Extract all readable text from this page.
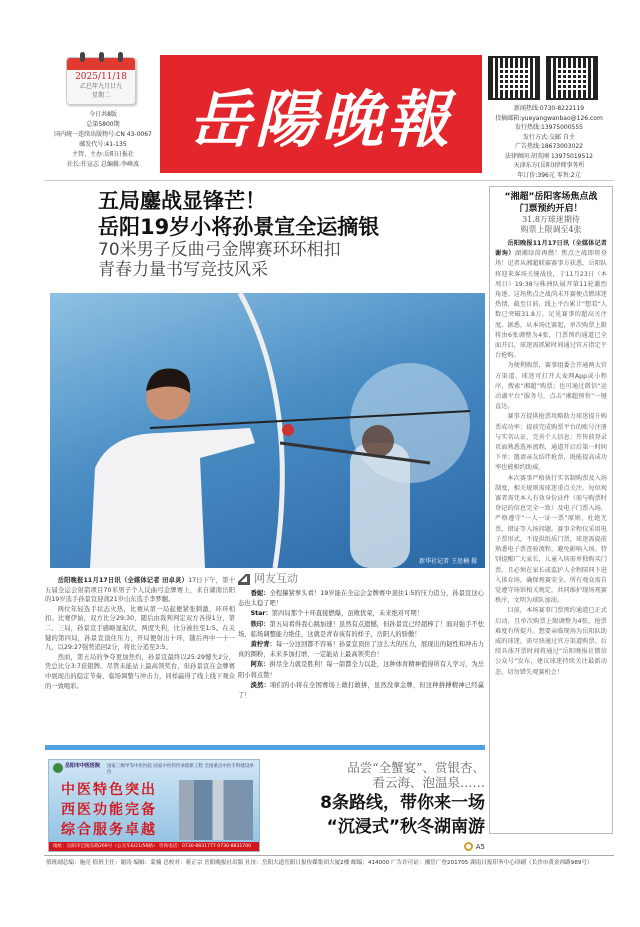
2025/11/18
乙巳年九月廿九
星期二
今日共8版
总第5800期
国内统一连续出版物号:CN 43-0067
邮发代号:41-135
主管、主办:岳阳日报社
社长:任宣志 总编辑:李峰波
岳陽晚報	新闻热线:0730-8222119
投稿邮箱:yueyangwanbao@126.com
发行热线:13975000555
发行方式:交邮 自主
广告热线:18673003022
法律顾问:胡英刚 13975019512
天津东方(岳阳)律师事务所
年订价:396元 零售:2元
五局鏖战显锋芒！
岳阳19岁小将孙景宣全运摘银
70米男子反曲弓金牌赛环环相扣
青春力量书写竞技风采
新华社记者 王思楠 摄

岳阳晚报11月17日讯（全媒体记者 田卓灵）17日下午，第十五届全运会射箭项目70米男子个人反曲弓金牌赛上，来自湖南岳阳的19岁选手孙景宣迎战21岁山东选手李梦翻。

两位年轻选手状态火热，比赛从第一局起便紧张刺激，环环相扣。比赛伊始，双方比分29:30，随后由裁判判定双方各得1分，第二、三局，孙景宣手感略显起伏，两度失利，比分被拉至1:5。在关键的第四局，孙景宣顶住压力，开局便射出十环，随后再中一十一九，以29:27强势追回2分，将比分追至3:5。

然而，第五局的争夺更加焦灼，孙景宣最终以25:29憾失2分，凭总比分3:7获银牌。尽管未能站上最高领奖台，但孙景宣在金牌赛中展现出的稳定节奏、临场调整与冲击力，同样赢得了线上线下观众的一致喝彩。

网友互动

香妮：全程攥紧拳头看！19岁能在全运会金牌赛中顶住1:5的压力追分，孙景宣这心态也太稳了吧！

Star：第四局那个十环直接燃爆，虽败犹荣，未来绝对可期！

铁印：第五局看得我心跳加速！虽然有点遗憾，但孙景宣已经超棒了！面对强手不怯场，临场调整能力绝佳，这就是青春该有的样子，岳阳人的骄傲！

黄柠青：每一分这回都不容易！孙景宣顶住了这么大的压力，展现出的韧性和冲击力真的圈粉，未来多加打磨，一定能站上最高领奖台！

阿东：拼尽全力就是胜利！每一箭都全力以赴，这种体育精神值得所有人学习，为岳阳小将点赞！

淡然：咱们的小将在全国赛场上敢打敢拼，虽然没拿金牌，但这种拼搏精神已经赢了！

岳阳市中医医院 国家三级甲等中医医院 国家中医药传承创新工程 全国重点中医专科建设单位
中医特色突出
西医功能完备
综合服务卓越
地址：岳阳市巴陵东路269号（公交车6/21/56路） 咨询电话：0730-8831777 0730-8831700
品尝“全蟹宴”、赏银杏、
看云海、泡温泉……
8条路线，带你来一场
“沉浸式”秋冬湖南游
A5
“湘超”岳阳客场焦点战
门票预约开启！
31.8万球迷期待
购票上限调至4张

岳阳晚报11月17日讯（全媒体记者 谢询）湖湘绿茵再燃！焦点之战即将登场！记者从湘超联赛赛事方获悉，岳阳队将迎来客场关键战役，于11月23日（本周日）19:38与株洲队展开第11轮激烈角逐。这场焦点之战尚未开赛便点燃球迷热情，截至目前，线上平台累计“想看”人数已突破31.8万，足见赛事的超高关注度。据悉，从本场比赛起，单次购票上限将由6张调整为4张，门票预约通道已全面开启，球迷需抓紧时间通过官方指定平台抢购。

为便利购票，赛事组委会开通两大官方渠道，球迷可打开大麦网App或小程序，搜索“湘超”购票；也可通过微信“运动湖平台”服务号，点击“湘超预售”一键直达。

赛事方提供抢票攻略助力球迷提升购票成功率：提前完成购票平台的账号注册与实名认证，完善个人信息；开售前登录页面熟悉选座流程，通道开启后第一时间下单；邀请亲友结伴抢票，既能提高成功率也能相约助威。

本次赛事严格执行实名制购票及入场制度，相关规则需球迷重点关注。每位观赛者需凭本人有效身份证件（需与购票时登记的信息完全一致）及电子门票入场，严格遵守“一人一证一票”原则，杜绝无票、错证等入场问题。赛事全程仅采用电子票形式，不提供纸质门票，球迷需提前熟悉电子票查验流程，避免影响入场。特别提醒广大家长，儿童入场需单独购买门票，且必须在家长或监护人全程陪同下进入体育场，确保观赛安全。所有观众需自觉遵守场馆相关规定，共同维护现场观赛秩序，文明为球队加油。

目前，本场赛事门票预约通道已正式启动，且单次购票上限调整为4张，抢票难度有所提升。想要亲临现场为岳阳队助威的球迷，需尽快通过官方渠道购票。后续具体开票时间将通过“岳阳晚报社微信公众号”发布，建议球迷持续关注最新动态，切勿错失观赛机会！

值班副总编：施亮 值班主任：谢涛 编辑：蒙楠 总校对：蒋正宗 岳阳晚报社出版 社址：岳阳大道岳阳日报传媒集团大厦2楼 邮编：414000 广告许可证：湘岳广登201705 湖南日报印务中心印刷（长沙市黄金西路989号）
